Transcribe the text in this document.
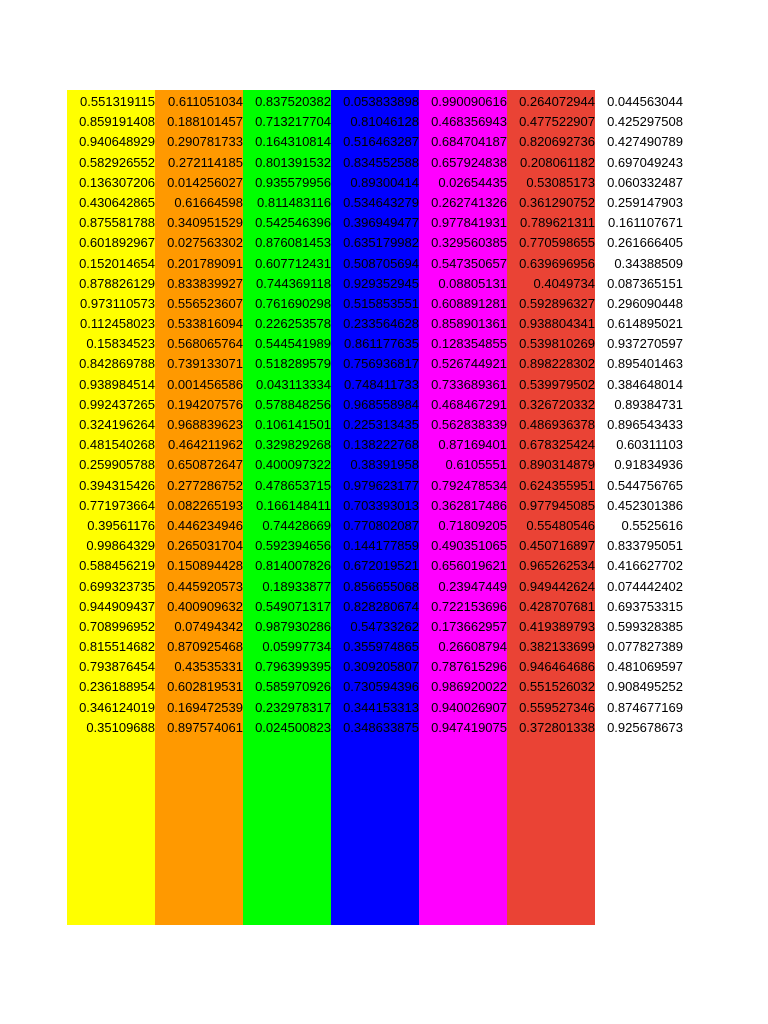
0.551319115
0.859191408
0.940648929
0.582926552
0.136307206
0.430642865
0.875581788
0.601892967
0.152014654
0.878826129
0.973110573
0.112458023
0.15834523
0.842869788
0.938984514
0.992437265
0.324196264
0.481540268
0.259905788
0.394315426
0.771973664
0.39561176
0.99864329
0.588456219
0.699323735
0.944909437
0.708996952
0.815514682
0.793876454
0.236188954
0.346124019
0.35109688
0.611051034
0.188101457
0.290781733
0.272114185
0.014256027
0.61664598
0.340951529
0.027563302
0.201789091
0.833839927
0.556523607
0.533816094
0.568065764
0.739133071
0.001456586
0.194207576
0.968839623
0.464211962
0.650872647
0.277286752
0.082265193
0.446234946
0.265031704
0.150894428
0.445920573
0.400909632
0.07494342
0.870925468
0.43535331
0.602819531
0.169472539
0.897574061
0.837520382
0.713217704
0.164310814
0.801391532
0.935579956
0.811483116
0.542546396
0.876081453
0.607712431
0.744369118
0.761690298
0.226253578
0.544541989
0.518289579
0.043113334
0.578848256
0.106141501
0.329829268
0.400097322
0.478653715
0.166148411
0.74428669
0.592394656
0.814007826
0.18933877
0.549071317
0.987930286
0.05997734
0.796399395
0.585970926
0.232978317
0.024500823
0.053833898
0.81046128
0.516463287
0.834552588
0.89300414
0.534643279
0.396949477
0.635179982
0.508705694
0.929352945
0.515853551
0.233564628
0.861177635
0.756936817
0.748411733
0.968558984
0.225313435
0.138222768
0.38391958
0.979623177
0.703393013
0.770802087
0.144177859
0.672019521
0.856655068
0.828280674
0.54733262
0.355974865
0.309205807
0.730594396
0.344153313
0.348633875
0.990090616
0.468356943
0.684704187
0.657924838
0.02654435
0.262741326
0.977841931
0.329560385
0.547350657
0.08805131
0.608891281
0.858901361
0.128354855
0.526744921
0.733689361
0.468467291
0.562838339
0.87169401
0.6105551
0.792478534
0.362817486
0.71809205
0.490351065
0.656019621
0.23947449
0.722153696
0.173662957
0.26608794
0.787615296
0.986920022
0.940026907
0.947419075
0.264072944
0.477522907
0.820692736
0.208061182
0.53085173
0.361290752
0.789621311
0.770598655
0.639696956
0.4049734
0.592896327
0.938804341
0.539810269
0.898228302
0.539979502
0.326720332
0.486936378
0.678325424
0.890314879
0.624355951
0.977945085
0.55480546
0.450716897
0.965262534
0.949442624
0.428707681
0.419389793
0.382133699
0.946464686
0.551526032
0.559527346
0.372801338
0.044563044
0.425297508
0.427490789
0.697049243
0.060332487
0.259147903
0.161107671
0.261666405
0.34388509
0.087365151
0.296090448
0.614895021
0.937270597
0.895401463
0.384648014
0.89384731
0.896543433
0.60311103
0.91834936
0.544756765
0.452301386
0.5525616
0.833795051
0.416627702
0.074442402
0.693753315
0.599328385
0.077827389
0.481069597
0.908495252
0.874677169
0.925678673
